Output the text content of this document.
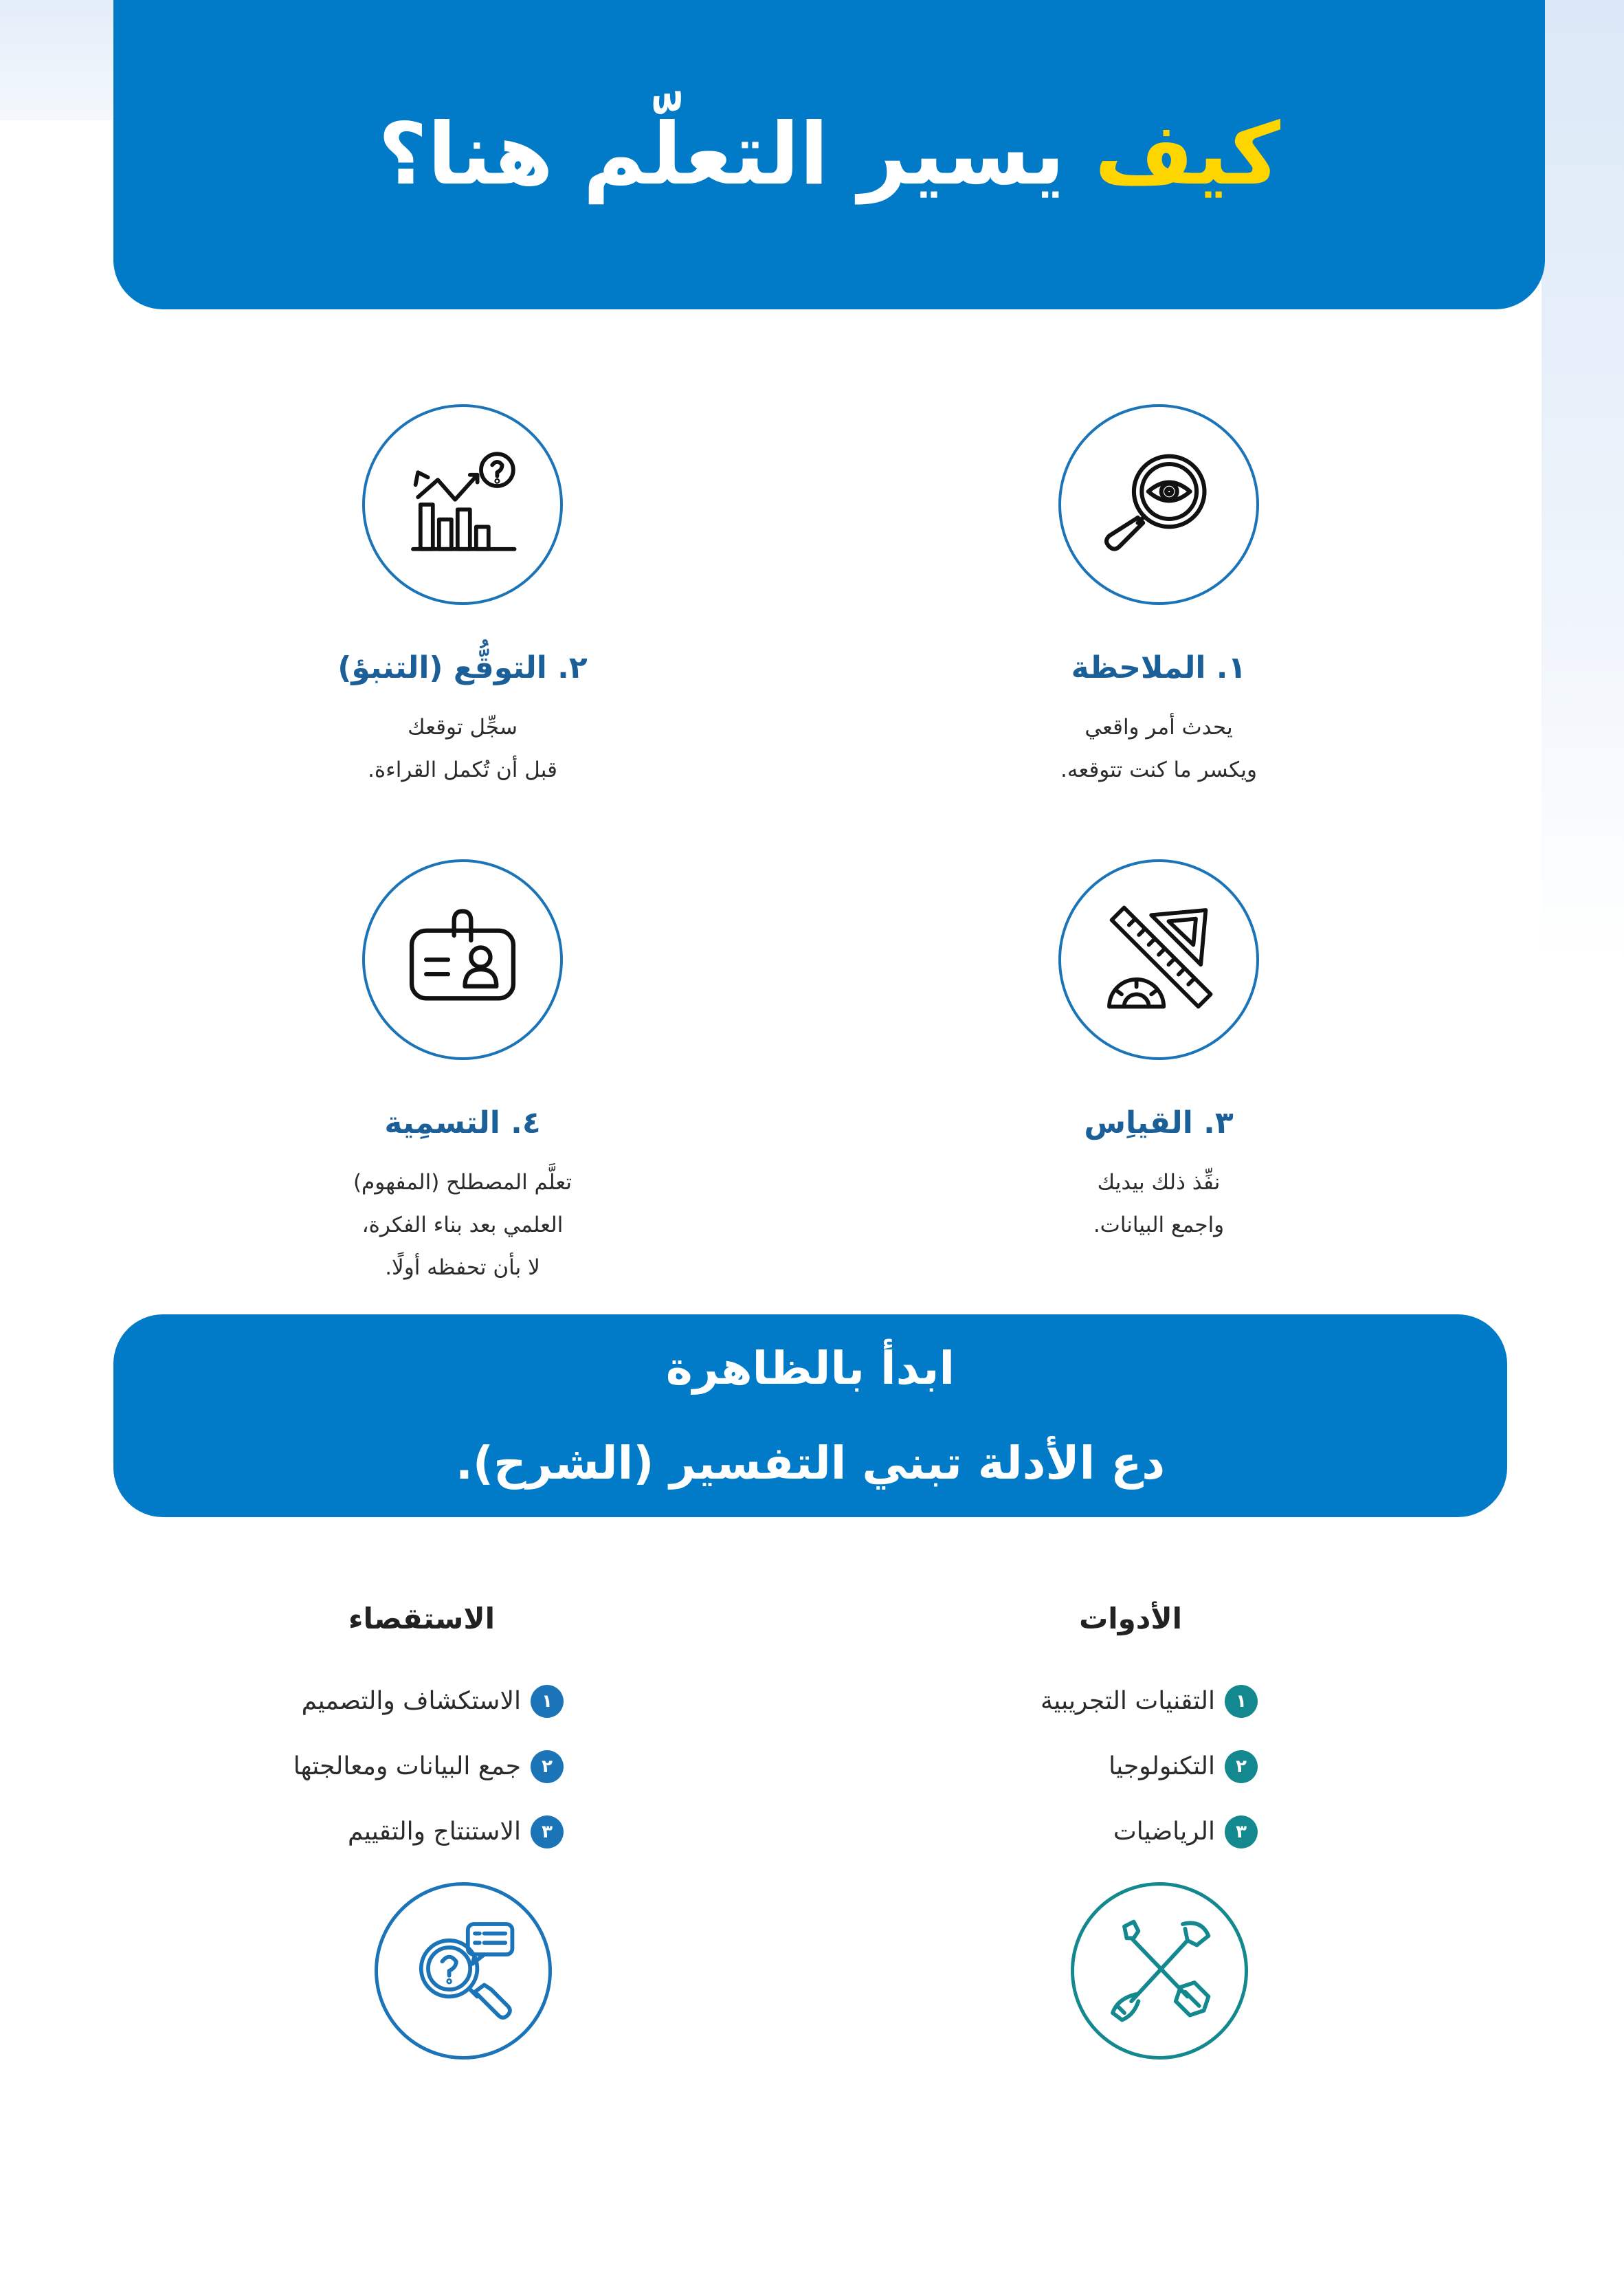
كيف يسير التعلّم هنا؟
١. الملاحظة

يحدث أمر واقعي

ويكسر ما كنت تتوقعه.

٢. التوقُّع (التنبؤ)

سجِّل توقعك

قبل أن تُكمل القراءة.

٣. القياِس

نفِّذ ذلك بيديك

واجمع البيانات.

٤. التسمِية

تعلَّم المصطلح (المفهوم)

العلمي بعد بناء الفكرة،

لا بأن تحفظه أولًا.

ابدأ بالظاهرة
دع الأدلة تبني التفسير (الشرح).
الأدوات
١
التقنيات التجريبية
٢
التكنولوجيا
٣
الرياضيات
الاستقصاء
١
الاستكشاف والتصميم
٢
جمع البيانات ومعالجتها
٣
الاستنتاج والتقييم
